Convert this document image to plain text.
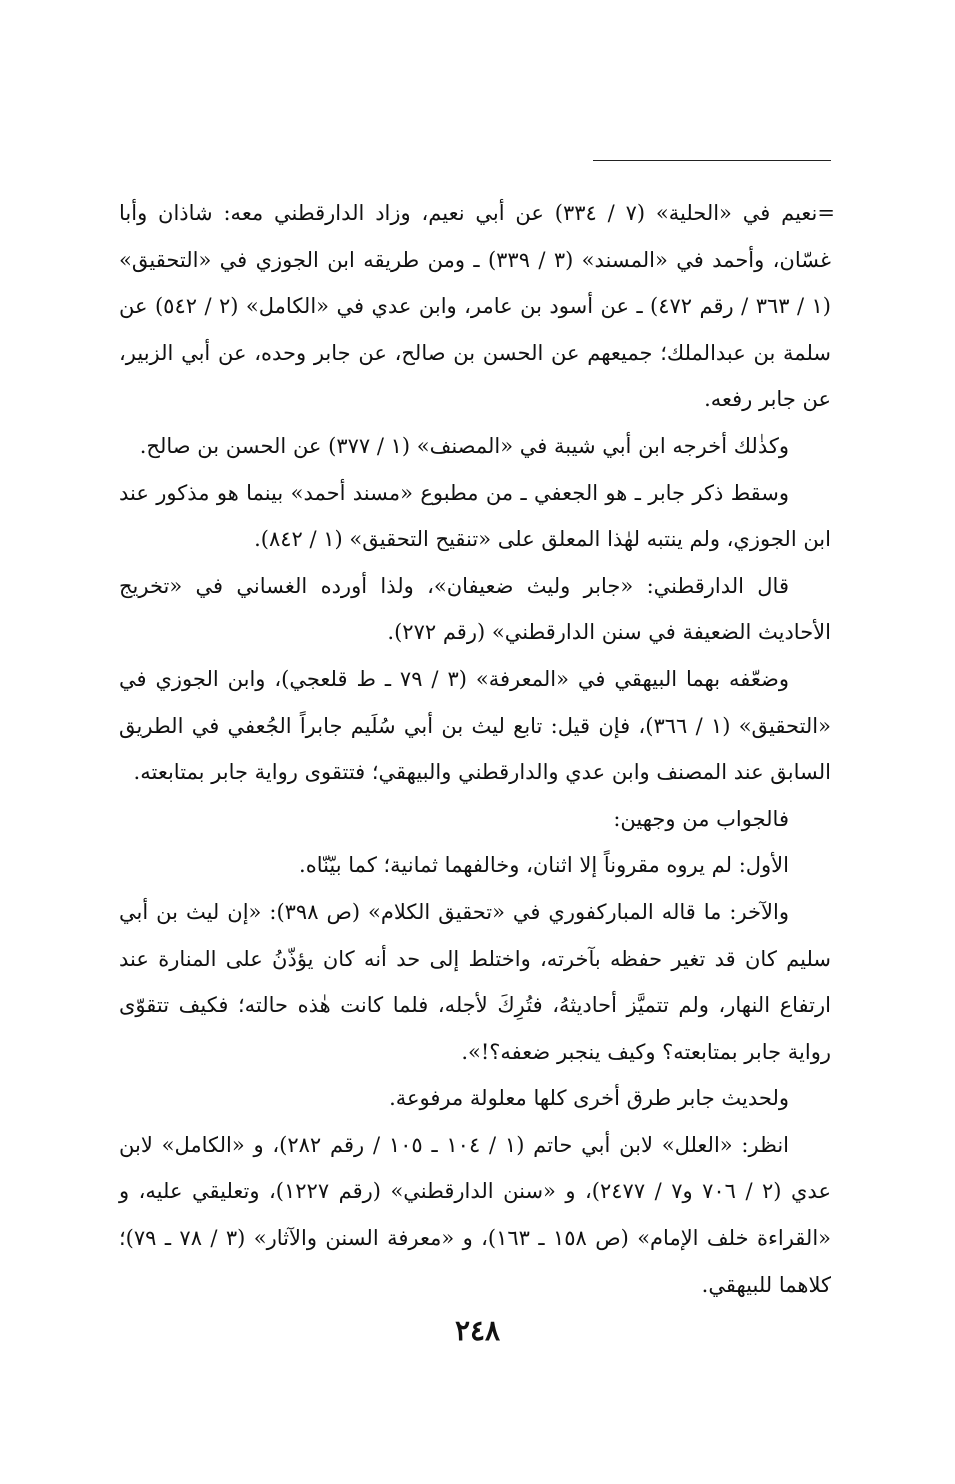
=نعيم في «الحلية» (٧ / ٣٣٤) عن أبي نعيم، وزاد الدارقطني معه: شاذان وأبا غسّان، وأحمد في «المسند» (٣ / ٣٣٩) ـ ومن طريقه ابن الجوزي في «التحقيق» (١ / ٣٦٣ / رقم ٤٧٢) ـ عن أسود بن عامر، وابن عدي في «الكامل» (٢ / ٥٤٢) عن سلمة بن عبدالملك؛ جميعهم عن الحسن بن صالح، عن جابر وحده، عن أبي الزبير، عن جابر رفعه.

وكذٰلك أخرجه ابن أبي شيبة في «المصنف» (١ / ٣٧٧) عن الحسن بن صالح.

وسقط ذكر جابر ـ هو الجعفي ـ من مطبوع «مسند أحمد» بينما هو مذكور عند ابن الجوزي، ولم ينتبه لهٰذا المعلق على «تنقيح التحقيق» (١ / ٨٤٢).

قال الدارقطني: «جابر وليث ضعيفان»، ولذا أورده الغساني في «تخريج الأحاديث الضعيفة في سنن الدارقطني» (رقم ٢٧٢).

وضعّفه بهما البيهقي في «المعرفة» (٣ / ٧٩ ـ ط قلعجي)، وابن الجوزي في «التحقيق» (١ / ٣٦٦)، فإن قيل: تابع ليث بن أبي سُلَيم جابراً الجُعفي في الطريق السابق عند المصنف وابن عدي والدارقطني والبيهقي؛ فتتقوى رواية جابر بمتابعته.

فالجواب من وجهين:

الأول: لم يروه مقروناً إلا اثنان، وخالفهما ثمانية؛ كما بيّنّاه.

والآخر: ما قاله المباركفوري في «تحقيق الكلام» (ص ٣٩٨): «إن ليث بن أبي سليم كان قد تغير حفظه بآخرته، واختلط إلى حد أنه كان يؤذّنُ على المنارة عند ارتفاع النهار، ولم تتميَّز أحاديثهُ، فتُرِكَ لأجله، فلما كانت هٰذه حالته؛ فكيف تتقوّى رواية جابر بمتابعته؟ وكيف ينجبر ضعفه؟!».

ولحديث جابر طرق أخرى كلها معلولة مرفوعة.

انظر: «العلل» لابن أبي حاتم (١ / ١٠٤ ـ ١٠٥ / رقم ٢٨٢)، و «الكامل» لابن عدي (٢ / ٧٠٦ و٧ / ٢٤٧٧)، و «سنن الدارقطني» (رقم ١٢٢٧)، وتعليقي عليه، و «القراءة خلف الإمام» (ص ١٥٨ ـ ١٦٣)، و «معرفة السنن والآثار» (٣ / ٧٨ ـ ٧٩)؛ كلاهما للبيهقي.

٢٤٨
